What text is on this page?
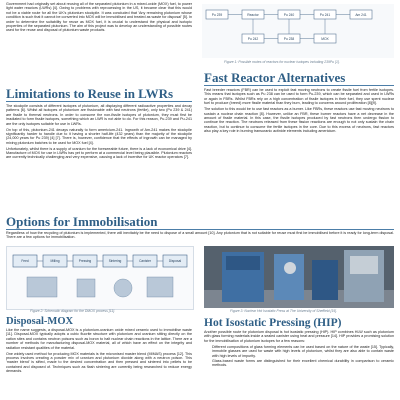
Government had originally set about reusing all of the separated plutonium in a mixed-oxide (MOX) fuel, to power light water reactors (LWRs) [4]. Owing to problems with reprocessing in the US, it became clear that this would not be a viable route for all the UK's plutonium stockpile. It was concluded that 'Any remaining plutonium whose condition is such that it cannot be converted into MOX will be immobilised and treated as waste for disposal' [5]. In order to determine the suitability for reuse as MOX fuel, it is crucial to understand the physical and isotopic properties of the separated plutonium. The aim of this project was to develop an understanding of possible routes used for the reuse and disposal of plutonium waste products.
Pu 239	Reactor	Pu 240	Pu 241	Am 241
Pu 242	Pu 238	MOX
Figure 1: Possible routes of reactors for nuclear isotopes including 239Pu [1].
Limitations to Reuse in LWRs

The stockpile consists of different isotopes of plutonium, all displaying different radioactive properties and decay patterns [6]. Whilst all isotopes of plutonium are fissionable with fast neutrons (fertile), only two (Pu 239 & 241) are fissile to thermal neutrons. In order to consume the non-fissile isotopes of plutonium, they must first be irradiated to form fissile isotopes, something which an LWR is not able to do. For this reason, Pu-239 and Pu-241 are the only isotopes suitable for use in LWRs.

On top of this, plutonium-241 decays naturally to form americium-241. Ingrowth of Am-241 makes the stockpile significantly harder to handle due to it having a shorter half-life (432 years) than the majority of the stockpile (24,000 years for Pu 239) [4] [7]. There is, however, confidence that the effects of ingrowth can be managed by mixing plutonium batches to be used for MOX fuel [4].

Unfortunately, whilst there is a supply of uranium for the foreseeable future, there is a lack of economical drive [4]. Manufacture of MOX for use in LWRs has yet to perform at a commercial level being plausible. Plutonium reactors are currently technically challenging and very expensive, causing a lack of incentive for UK reactor operators [7].

Fast Reactor Alternatives

Fast breeder reactors (FBR) can be used to exploit fast moving neutrons to create fissile fuel from fertile isotopes. This means that isotopes such as Pu 238 can be used to form Pu-239, which can be separated and used in LWRs or again in FBRs. Whilst FBRs rely on a high concentration of fissile isotopes in their fuel, they use spent nuclear fuel to produce (breed) more fissile material than they burn, leading to concerns around proliferation [8][9].

The solution to this would be to use fast reactors as a burner. Like FBRs, these reactors use fast moving neutrons to sustain a nuclear chain reaction [8]. However, unlike an FBR, these burner reactors have a net decrease in the amount of fissile material. In this case, the fissile isotopes produced by fast neutrons then undergo fission to continue the reaction. The neutrons released from these fission reactions are enough to not only sustain the chain reaction, but to continue to consume the fertile isotopes in the core. Due to this excess of neutrons, fast reactors also play a key role in burning transuranic actinide elements including americium.

Options for Immobilisation
Regardless of how the recycling of plutonium is implemented, there will inevitably be the need to dispose of a small amount [10]. Any plutonium that is not suitable for reuse must first be immobilised before it is ready for long-term disposal. There are a few options for immobilisation.
Feed	Milling	Pressing	Sintering	Canister	Disposal
Figure 2: Schematic diagram for the DMOX process [11].	Figure 3: Nuclear Hot Isostatic Press at The University of Sheffield [15].
Disposal-MOX

Like the name suggests, a disposal-MOX is a plutonium-uranium oxide mixed ceramic used to immobilise waste [11]. Disposal-MOX typically adopts a cubic fluorite structure with plutonium and uranium sitting directly on the cation sites and contains neutron poisons such as boron to halt nuclear chain reactions in the lattice. There are a number of methods for manufacturing disposal-MOX material, all of which have an effect on the integrity and radiation resistant qualities of the material.

One widely used method for producing MOX materials is the micronised master blend (MIMAS) process [12]. This process involves creating a powder mix of uranium and plutonium dioxide along with a neutron poison. This 'master blend' is sifted, made to the desired concentration and then pressed and sintered into pellets to be contained and disposed of. Techniques such as flash sintering are currently being researched to reduce energy demands.

Hot Isostatic Pressing (HIP)

Another possible route for plutonium disposal is hot isostatic pressing (HIP). HIP combines HLW such as plutonium with glass forming materials inside a sealed canister using heat and pressure [14]. HIP provides a promising solution for the immobilisation of plutonium isotopes for a few reasons:

• Different compositions of glass forming elements can be used based on the nature of the waste [15]. Typically, immobile glasses are used for waste with high levels of plutonium, whilst they are also able to contain waste with high levels of impurity.
• Glass-based waste forms are distinguished for their excellent chemical durability in comparison to ceramic methods.
